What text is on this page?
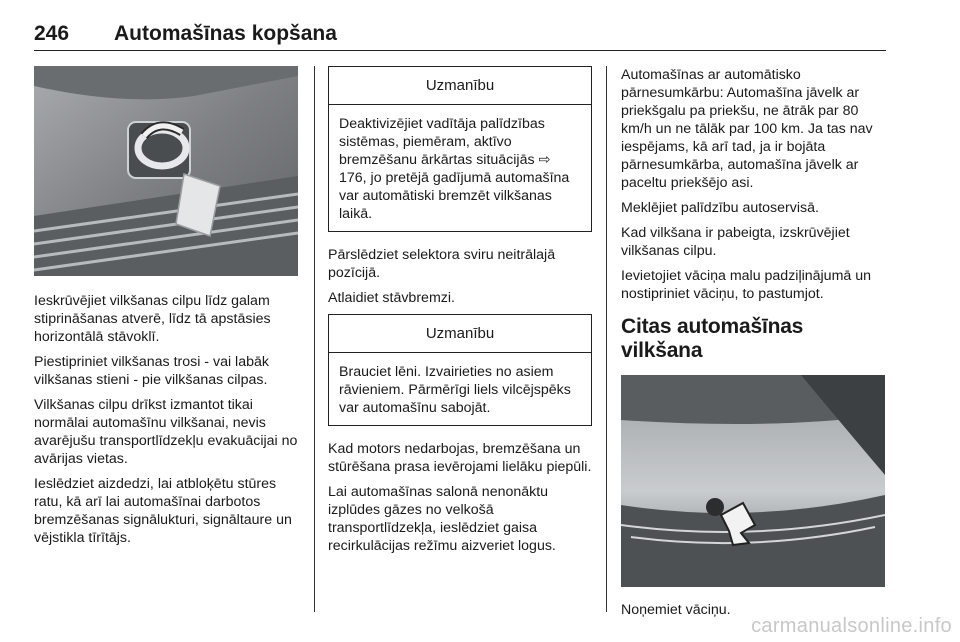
246 Automašīnas kopšana

Ieskrūvējiet vilkšanas cilpu līdz galam stiprināšanas atverē, līdz tā apstāsies horizontālā stāvoklī.

Piestipriniet vilkšanas trosi - vai labāk vilkšanas stieni - pie vilkšanas cilpas.

Vilkšanas cilpu drīkst izmantot tikai normālai automašīnu vilkšanai, nevis avarējušu transportlīdzekļu evakuācijai no avārijas vietas.

Ieslēdziet aizdedzi, lai atbloķētu stūres ratu, kā arī lai automašīnai darbotos bremzēšanas signālukturi, signāltaure un vējstikla tīrītājs.

Uzmanību

Deaktivizējiet vadītāja palīdzības sistēmas, piemēram, aktīvo bremzēšanu ārkārtas situācijās ⇨ 176, jo pretējā gadījumā automašīna var automātiski bremzēt vilkšanas laikā.

Pārslēdziet selektora sviru neitrālajā pozīcijā.

Atlaidiet stāvbremzi.

Uzmanību

Brauciet lēni. Izvairieties no asiem rāvieniem. Pārmērīgi liels vilcējspēks var automašīnu sabojāt.

Kad motors nedarbojas, bremzēšana un stūrēšana prasa ievērojami lielāku piepūli.

Lai automašīnas salonā nenonāktu izplūdes gāzes no velkošā transportlīdzekļa, ieslēdziet gaisa recirkulācijas režīmu aizveriet logus.

Automašīnas ar automātisko pārnesumkārbu: Automašīna jāvelk ar priekšgalu pa priekšu, ne ātrāk par 80 km/h un ne tālāk par 100 km. Ja tas nav iespējams, kā arī tad, ja ir bojāta pārnesumkārba, automašīna jāvelk ar paceltu priekšējo asi.

Meklējiet palīdzību autoservisā.

Kad vilkšana ir pabeigta, izskrūvējiet vilkšanas cilpu.

Ievietojiet vāciņa malu padziļinājumā un nostipriniet vāciņu, to pastumjot.

Citas automašīnas vilkšana

Noņemiet vāciņu.

carmanualsonline.info
